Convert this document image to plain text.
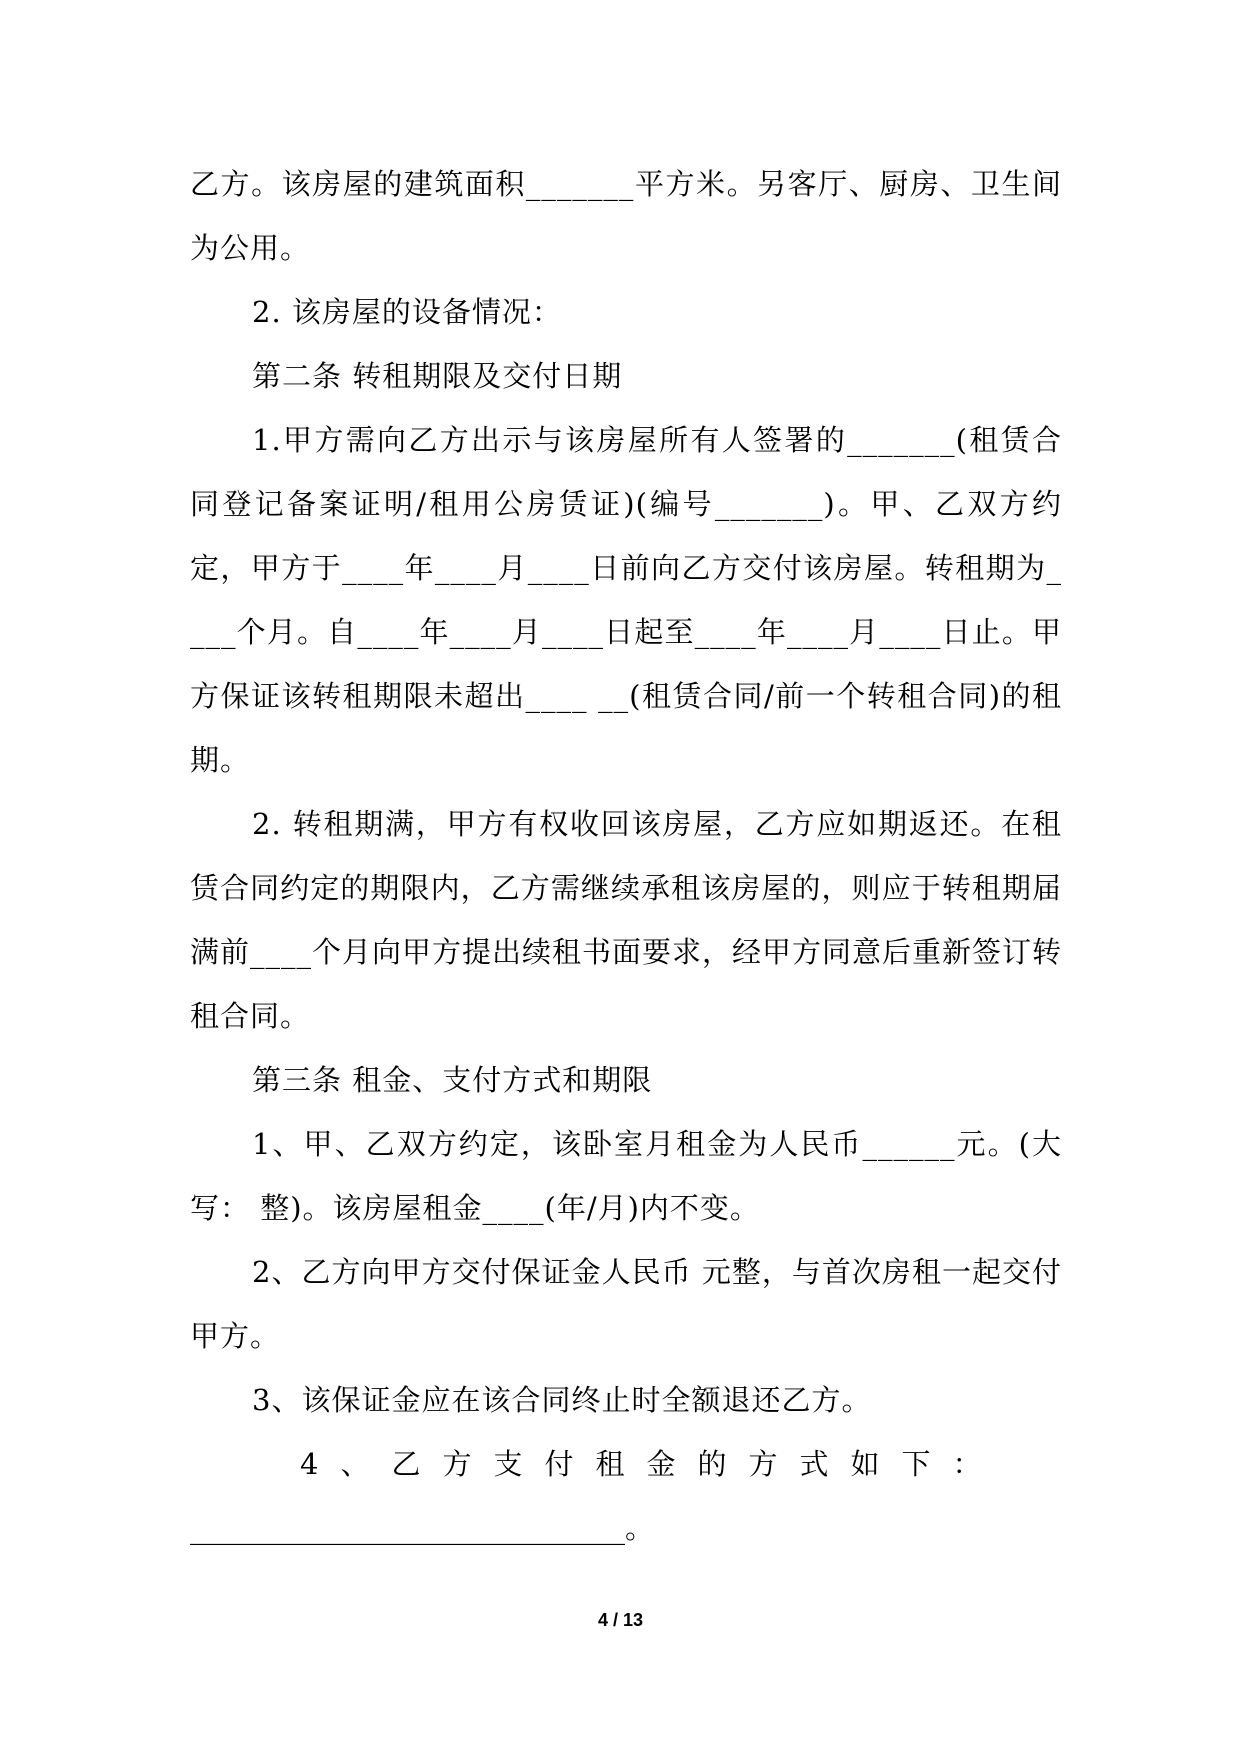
乙方。该房屋的建筑面积_______平方米。另客厅、厨房、卫生间为公用。

2. 该房屋的设备情况：

第二条 转租期限及交付日期

1.甲方需向乙方出示与该房屋所有人签署的_______(租赁合同登记备案证明/租用公房赁证)(编号_______)。甲、乙双方约定，甲方于____年____月____日前向乙方交付该房屋。转租期为____个月。自____年____月____日起至____年____月____日止。甲方保证该转租期限未超出____ __(租赁合同/前一个转租合同)的租期。

2. 转租期满，甲方有权收回该房屋，乙方应如期返还。在租赁合同约定的期限内，乙方需继续承租该房屋的，则应于转租期届满前____个月向甲方提出续租书面要求，经甲方同意后重新签订转租合同。

第三条 租金、支付方式和期限

1、甲、乙双方约定，该卧室月租金为人民币______元。(大写： 整)。该房屋租金____(年/月)内不变。

2、乙方向甲方交付保证金人民币 元整，与首次房租一起交付甲方。

3、该保证金应在该合同终止时全额退还乙方。

4、乙方支付租金的方式如下：

______________________________。

4 / 13
